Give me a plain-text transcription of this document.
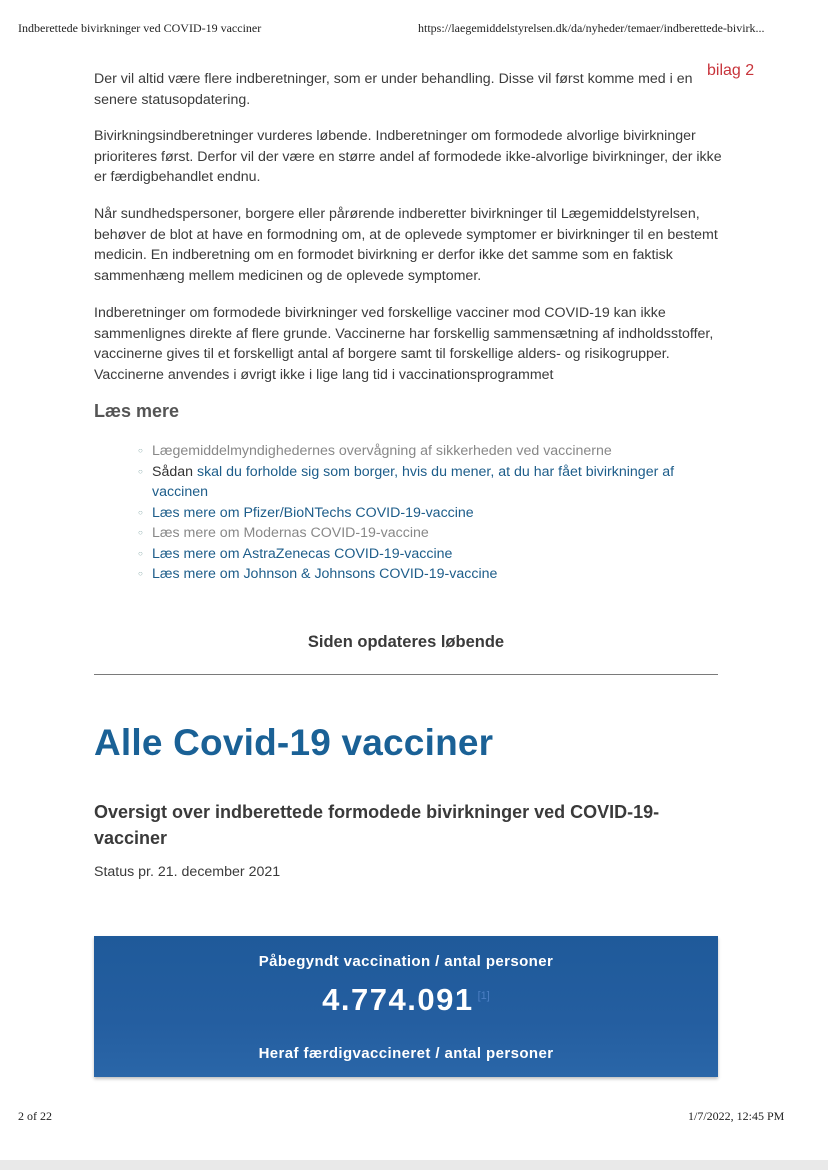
Indberettede bivirkninger ved COVID-19 vacciner	https://laegemiddelstyrelsen.dk/da/nyheder/temaer/indberettede-bivirk...
bilag 2

Der vil altid være flere indberetninger, som er under behandling. Disse vil først komme med i en senere statusopdatering.

Bivirkningsindberetninger vurderes løbende. Indberetninger om formodede alvorlige bivirkninger prioriteres først. Derfor vil der være en større andel af formodede ikke-alvorlige bivirkninger, der ikke er færdigbehandlet endnu.

Når sundhedspersoner, borgere eller pårørende indberetter bivirkninger til Lægemiddelstyrelsen, behøver de blot at have en formodning om, at de oplevede symptomer er bivirkninger til en bestemt medicin. En indberetning om en formodet bivirkning er derfor ikke det samme som en faktisk sammenhæng mellem medicinen og de oplevede symptomer.

Indberetninger om formodede bivirkninger ved forskellige vacciner mod COVID-19 kan ikke sammenlignes direkte af flere grunde. Vaccinerne har forskellig sammensætning af indholdsstoffer, vaccinerne gives til et forskelligt antal af borgere samt til forskellige alders- og risikogrupper. Vaccinerne anvendes i øvrigt ikke i lige lang tid i vaccinationsprogrammet

Læs mere
○ Lægemiddelmyndighedernes overvågning af sikkerheden ved vaccinerne
○ Sådan skal du forholde sig som borger, hvis du mener, at du har fået bivirkninger af vaccinen
○ Læs mere om Pfizer/BioNTechs COVID-19-vaccine
○ Læs mere om Modernas COVID-19-vaccine
○ Læs mere om AstraZenecas COVID-19-vaccine
○ Læs mere om Johnson & Johnsons COVID-19-vaccine
Siden opdateres løbende
Alle Covid-19 vacciner
Oversigt over indberettede formodede bivirkninger ved COVID-19-vacciner
Status pr. 21. december 2021
Påbegyndt vaccination / antal personer
4.774.091 [1]
Heraf færdigvaccineret / antal personer
2 of 22	1/7/2022, 12:45 PM
